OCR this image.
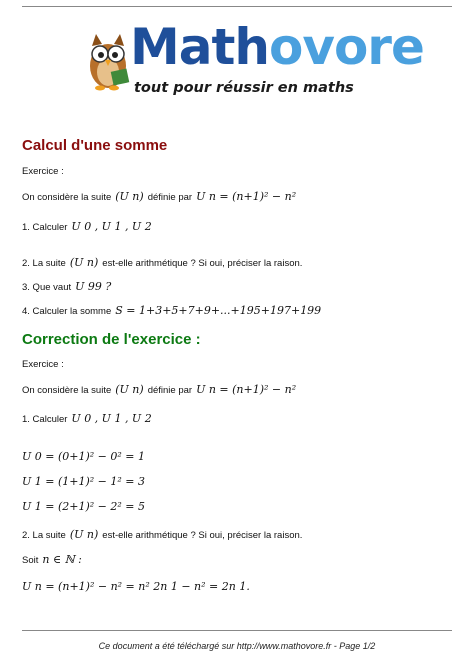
Mathovore
tout pour réussir en maths
Calcul d'une somme
Exercice :
On considère la suite (U n) définie par U n = (n+1)² − n²
1. Calculer U 0 , U 1 , U 2
2. La suite (U n) est-elle arithmétique ? Si oui, préciser la raison.
3. Que vaut U 99 ?
4. Calculer la somme S = 1+3+5+7+9+...+195+197+199
Correction de l'exercice :
Exercice :
On considère la suite (U n) définie par U n = (n+1)² − n²
1. Calculer U 0 , U 1 , U 2
U 0 = (0+1)² − 0² = 1
U 1 = (1+1)² − 1² = 3
U 1 = (2+1)² − 2² = 5
2. La suite (U n) est-elle arithmétique ? Si oui, préciser la raison.
Soit n ∈ ℕ :
U n = (n+1)² − n² = n² 2n 1 − n² = 2n 1.
Ce document a été téléchargé sur http://www.mathovore.fr - Page 1/2
